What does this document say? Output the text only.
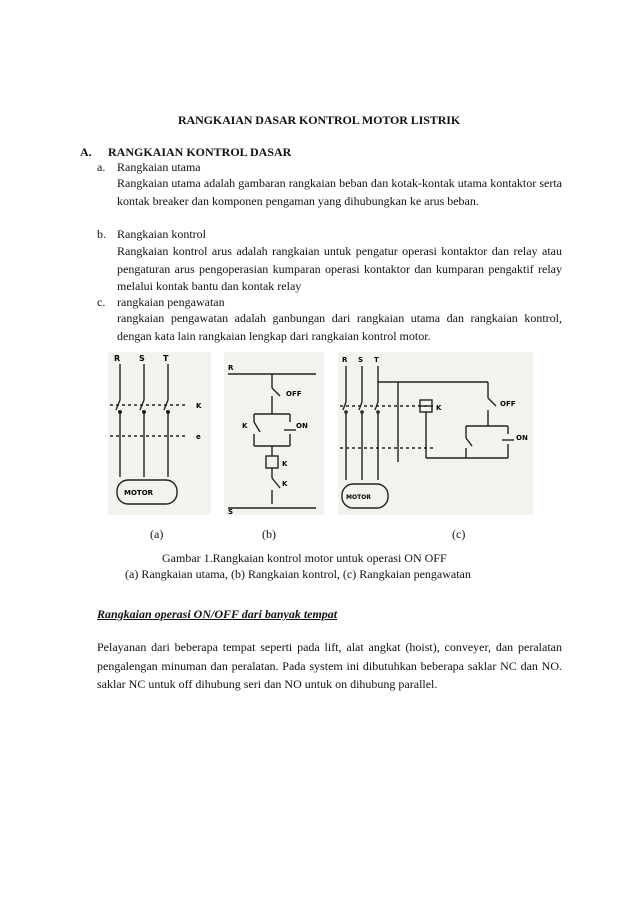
RANGKAIAN DASAR KONTROL MOTOR LISTRIK
A. RANGKAIAN KONTROL DASAR
a. Rangkaian utama
Rangkaian utama adalah gambaran rangkaian beban dan kotak-kontak utama kontaktor serta kontak breaker dan komponen pengaman yang dihubungkan ke arus beban.
b. Rangkaian kontrol
Rangkaian kontrol arus adalah rangkaian untuk pengatur operasi kontaktor dan relay atau pengaturan arus pengoperasian kumparan operasi kontaktor dan kumparan pengaktif relay melalui kontak bantu dan kontak relay
c. rangkaian pengawatan
rangkaian pengawatan adalah ganbungan dari rangkaian utama dan rangkaian kontrol, dengan kata lain rangkaian lengkap dari rangkaian kontrol motor.
R S T
K
e
MOTOR
R
S
OFF
ON
K
K
K
R S T
K	OFF
ON
MOTOR
(a)	(b)	(c)
Gambar 1.Rangkaian kontrol motor untuk operasi ON OFF
(a) Rangkaian utama, (b) Rangkaian kontrol, (c) Rangkaian pengawatan
Rangkaian operasi ON/OFF dari banyak tempat
Pelayanan dari beberapa tempat seperti pada lift, alat angkat (hoist), conveyer, dan peralatan pengalengan minuman dan peralatan. Pada system ini dibutuhkan beberapa saklar NC dan NO. saklar NC untuk off dihubung seri dan NO untuk on dihubung parallel.
